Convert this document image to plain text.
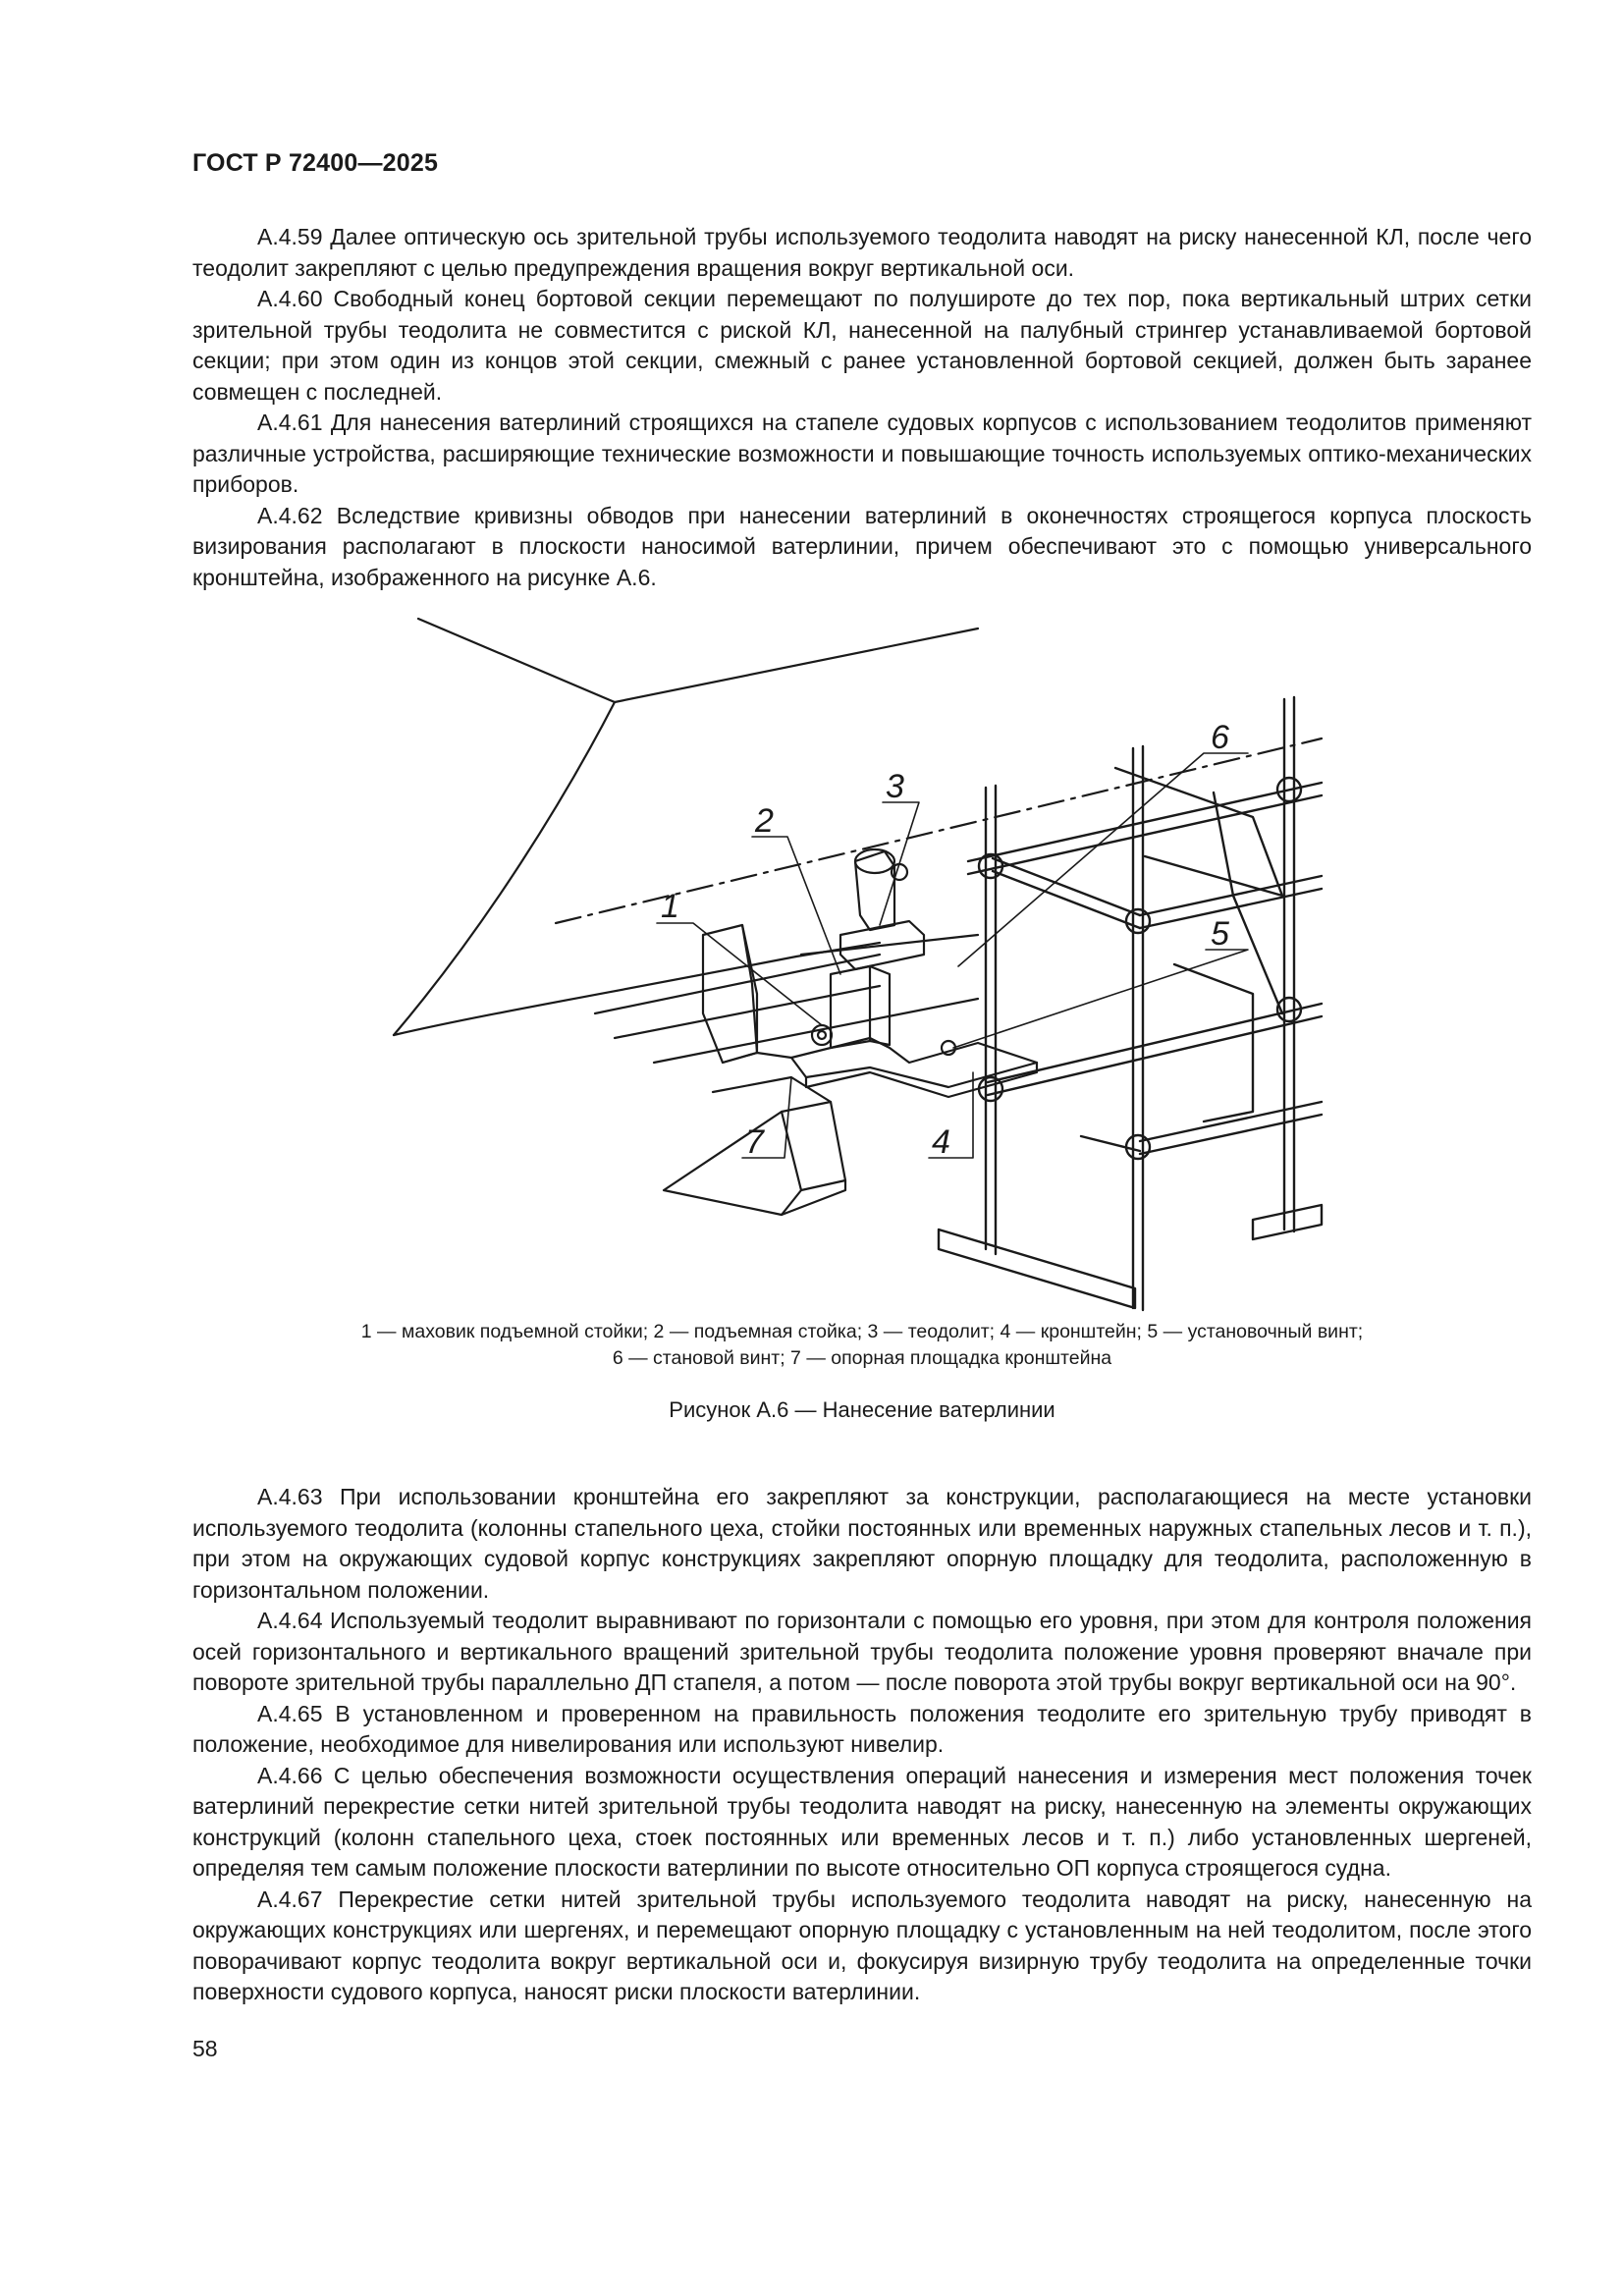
ГОСТ Р 72400—2025

А.4.59 Далее оптическую ось зрительной трубы используемого теодолита наводят на риску нанесенной КЛ, после чего теодолит закрепляют с целью предупреждения вращения вокруг вертикальной оси.

А.4.60 Свободный конец бортовой секции перемещают по полушироте до тех пор, пока вертикальный штрих сетки зрительной трубы теодолита не совместится с риской КЛ, нанесенной на палубный стрингер устанавливаемой бортовой секции; при этом один из концов этой секции, смежный с ранее установленной бортовой секцией, должен быть заранее совмещен с последней.

А.4.61 Для нанесения ватерлиний строящихся на стапеле судовых корпусов с использованием теодолитов применяют различные устройства, расширяющие технические возможности и повышающие точность используемых оптико-механических приборов.

А.4.62 Вследствие кривизны обводов при нанесении ватерлиний в оконечностях строящегося корпуса плоскость визирования располагают в плоскости наносимой ватерлинии, причем обеспечивают это с помощью универсального кронштейна, изображенного на рисунке А.6.

1
2
3
4
5
6
7
1 — маховик подъемной стойки; 2 — подъемная стойка; 3 — теодолит; 4 — кронштейн; 5 — установочный винт;
6 — становой винт; 7 — опорная площадка кронштейна
Рисунок А.6 — Нанесение ватерлинии

А.4.63 При использовании кронштейна его закрепляют за конструкции, располагающиеся на месте установки используемого теодолита (колонны стапельного цеха, стойки постоянных или временных наружных стапельных лесов и т. п.), при этом на окружающих судовой корпус конструкциях закрепляют опорную площадку для теодолита, расположенную в горизонтальном положении.

А.4.64 Используемый теодолит выравнивают по горизонтали с помощью его уровня, при этом для контроля положения осей горизонтального и вертикального вращений зрительной трубы теодолита положение уровня проверяют вначале при повороте зрительной трубы параллельно ДП стапеля, а потом — после поворота этой трубы вокруг вертикальной оси на 90°.

А.4.65 В установленном и проверенном на правильность положения теодолите его зрительную трубу приводят в положение, необходимое для нивелирования или используют нивелир.

А.4.66 С целью обеспечения возможности осуществления операций нанесения и измерения мест положения точек ватерлиний перекрестие сетки нитей зрительной трубы теодолита наводят на риску, нанесенную на элементы окружающих конструкций (колонн стапельного цеха, стоек постоянных или временных лесов и т. п.) либо установленных шергеней, определяя тем самым положение плоскости ватерлинии по высоте относительно ОП корпуса строящегося судна.

А.4.67 Перекрестие сетки нитей зрительной трубы используемого теодолита наводят на риску, нанесенную на окружающих конструкциях или шергенях, и перемещают опорную площадку с установленным на ней теодолитом, после этого поворачивают корпус теодолита вокруг вертикальной оси и, фокусируя визирную трубу теодолита на определенные точки поверхности судового корпуса, наносят риски плоскости ватерлинии.

58
